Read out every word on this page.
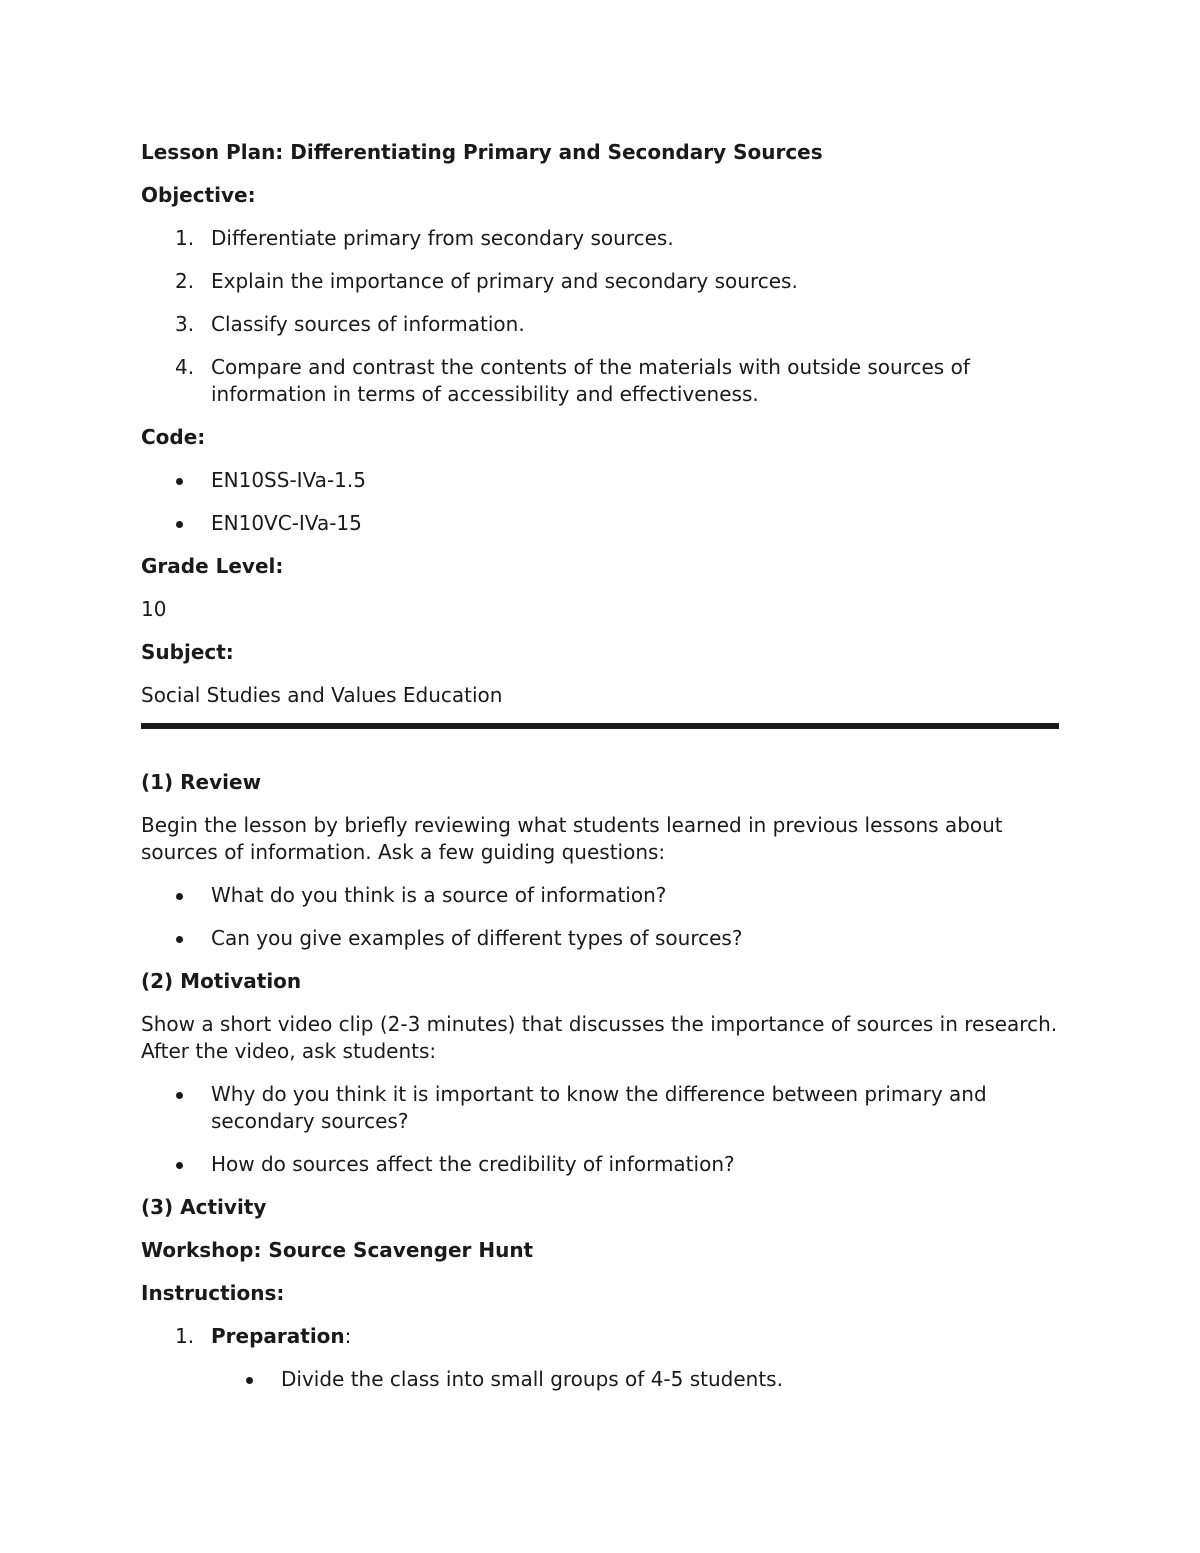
Lesson Plan: Differentiating Primary and Secondary Sources

Objective:

1. Differentiate primary from secondary sources.
2. Explain the importance of primary and secondary sources.
3. Classify sources of information.
4. Compare and contrast the contents of the materials with outside sources of information in terms of accessibility and effectiveness.

Code:

EN10SS-IVa-1.5
EN10VC-IVa-15

Grade Level:

10

Subject:

Social Studies and Values Education

(1) Review

Begin the lesson by briefly reviewing what students learned in previous lessons about sources of information. Ask a few guiding questions:

What do you think is a source of information?
Can you give examples of different types of sources?

(2) Motivation

Show a short video clip (2-3 minutes) that discusses the importance of sources in research. After the video, ask students:

Why do you think it is important to know the difference between primary and secondary sources?
How do sources affect the credibility of information?

(3) Activity

Workshop: Source Scavenger Hunt

Instructions:

1. Preparation:
Divide the class into small groups of 4-5 students.
